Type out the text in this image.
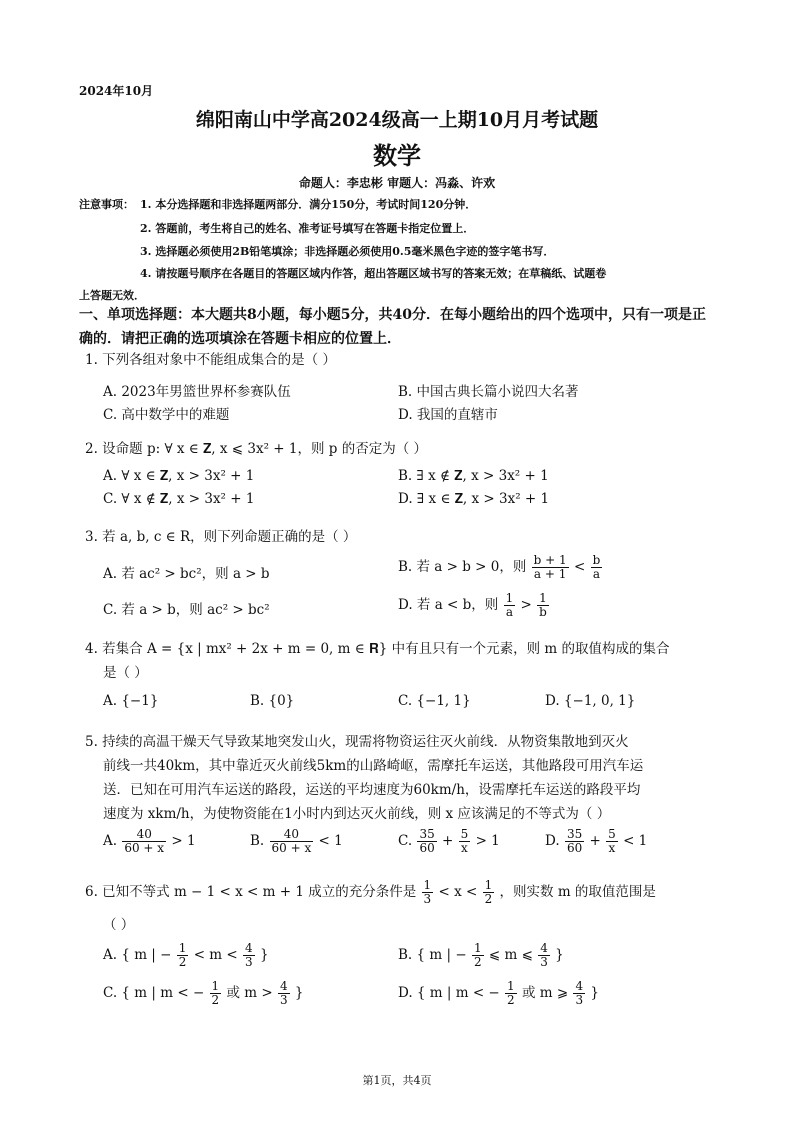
2024年10月
绵阳南山中学高2024级高一上期10月月考试题
数学
命题人：李忠彬 审题人：冯淼、许欢
注意事项： 1. 本分选择题和非选择题两部分．满分150分，考试时间120分钟．
2. 答题前，考生将自己的姓名、准考证号填写在答题卡指定位置上．
3. 选择题必须使用2B铅笔填涂；非选择题必须使用0.5毫米黑色字迹的签字笔书写．
4. 请按题号顺序在各题目的答题区域内作答，超出答题区域书写的答案无效；在草稿纸、试题卷
上答题无效．
一、单项选择题：本大题共8小题，每小题5分，共40分．在每小题给出的四个选项中，只有一项是正确的．请把正确的选项填涂在答题卡相应的位置上．
1. 下列各组对象中不能组成集合的是（ ）
A. 2023年男篮世界杯参赛队伍	B. 中国古典长篇小说四大名著
C. 高中数学中的难题	D. 我国的直辖市
2. 设命题 p: ∀ x ∈ 𝐙, x ⩽ 3x² + 1，则 p 的否定为（ ）
A. ∀ x ∈ 𝐙, x > 3x² + 1	B. ∃ x ∉ 𝐙, x > 3x² + 1
C. ∀ x ∉ 𝐙, x > 3x² + 1	D. ∃ x ∈ 𝐙, x > 3x² + 1
3. 若 a, b, c ∈ R，则下列命题正确的是（ ）
A. 若 ac² > bc²，则 a > b	B. 若 a > b > 0，则 $\frac{b + 1}{a + 1} < \frac{b}{a}$
C. 若 a > b，则 ac² > bc²	D. 若 a < b，则 $\frac{1}{a} > \frac{1}{b}$
4. 若集合 A = {x | mx² + 2x + m = 0, m ∈ 𝐑} 中有且只有一个元素，则 m 的取值构成的集合
是（ ）
A. {−1}	B. {0}	C. {−1, 1}	D. {−1, 0, 1}
5. 持续的高温干燥天气导致某地突发山火，现需将物资运往灭火前线．从物资集散地到灭火
前线一共40km，其中靠近灭火前线5km的山路崎岖，需摩托车运送，其他路段可用汽车运
送．已知在可用汽车运送的路段，运送的平均速度为60km/h，设需摩托车运送的路段平均
速度为 xkm/h，为使物资能在1小时内到达灭火前线，则 x 应该满足的不等式为（ ）
A. $\frac{40}{60 + x} > 1$	B. $\frac{40}{60 + x} < 1$	C. $\frac{35}{60} + \frac{5}{x} > 1$	D. $\frac{35}{60} + \frac{5}{x} < 1$
6. 已知不等式 m − 1 < x < m + 1 成立的充分条件是 $\frac{1}{3} < x < \frac{1}{2}$ ，则实数 m 的取值范围是
（ ）
A. { m | − $\frac{1}{2} < m < \frac{4}{3}$ }	B. { m | − $\frac{1}{2}$ ⩽ m ⩽ $\frac{4}{3}$ }
C. { m | m < − $\frac{1}{2}$ 或 $m > \frac{4}{3}$ }	D. { m | m < − $\frac{1}{2}$ 或 m ⩾ $\frac{4}{3}$ }
第1页，共4页
